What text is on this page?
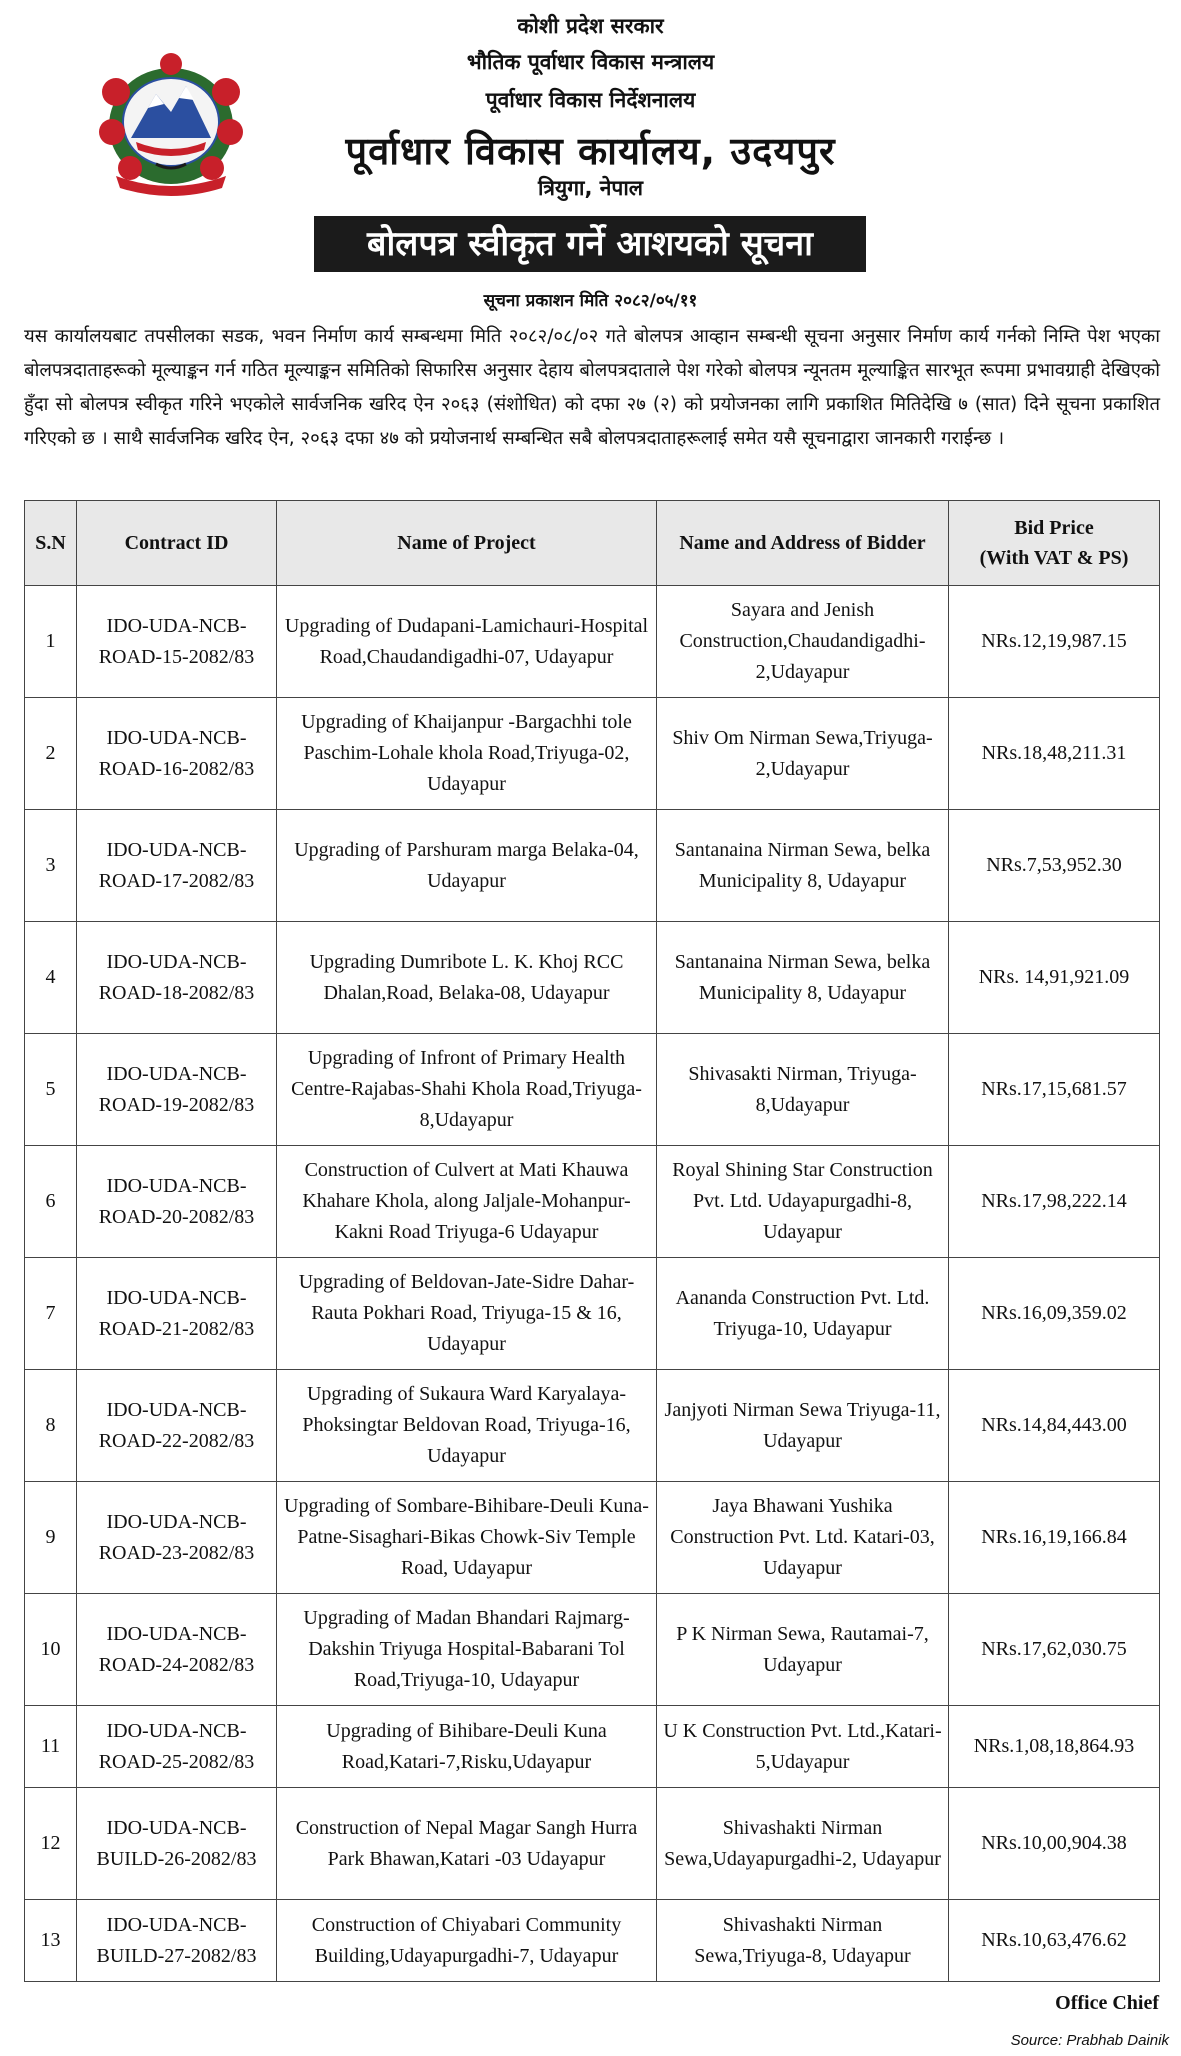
कोशी प्रदेश सरकार
भौतिक पूर्वाधार विकास मन्त्रालय
पूर्वाधार विकास निर्देशनालय
पूर्वाधार विकास कार्यालय, उदयपुर
त्रियुगा, नेपाल
बोलपत्र स्वीकृत गर्ने आशयको सूचना
सूचना प्रकाशन मिति २०८२/०५/११
यस कार्यालयबाट तपसीलका सडक, भवन निर्माण कार्य सम्बन्धमा मिति २०८२/०८/०२ गते बोलपत्र आव्हान सम्बन्धी सूचना अनुसार निर्माण कार्य गर्नको निम्ति पेश भएका बोलपत्रदाताहरूको मूल्याङ्कन गर्न गठित मूल्याङ्कन समितिको सिफारिस अनुसार देहाय बोलपत्रदाताले पेश गरेको बोलपत्र न्यूनतम मूल्याङ्कित सारभूत रूपमा प्रभावग्राही देखिएको हुँदा सो बोलपत्र स्वीकृत गरिने भएकोले सार्वजनिक खरिद ऐन २०६३ (संशोधित) को दफा २७ (२) को प्रयोजनका लागि प्रकाशित मितिदेखि ७ (सात) दिने सूचना प्रकाशित गरिएको छ । साथै सार्वजनिक खरिद ऐन, २०६३ दफा ४७ को प्रयोजनार्थ सम्बन्धित सबै बोलपत्रदाताहरूलाई समेत यसै सूचनाद्वारा जानकारी गराईन्छ ।
S.N	Contract ID	Name of Project	Name and Address of Bidder	Bid Price
(With VAT & PS)
1	IDO-UDA-NCB-
ROAD-15-2082/83	Upgrading of Dudapani-Lamichauri-Hospital Road,Chaudandigadhi-07, Udayapur	Sayara and Jenish Construction,Chaudandigadhi-2,Udayapur	NRs.12,19,987.15
2	IDO-UDA-NCB-
ROAD-16-2082/83	Upgrading of Khaijanpur -Bargachhi tole Paschim-Lohale khola Road,Triyuga-02, Udayapur	Shiv Om Nirman Sewa,Triyuga-2,Udayapur	NRs.18,48,211.31
3	IDO-UDA-NCB-
ROAD-17-2082/83	Upgrading of Parshuram marga Belaka-04, Udayapur	Santanaina Nirman Sewa, belka Municipality 8, Udayapur	NRs.7,53,952.30
4	IDO-UDA-NCB-
ROAD-18-2082/83	Upgrading Dumribote L. K. Khoj RCC Dhalan,Road, Belaka-08, Udayapur	Santanaina Nirman Sewa, belka Municipality 8, Udayapur	NRs. 14,91,921.09
5	IDO-UDA-NCB-
ROAD-19-2082/83	Upgrading of Infront of Primary Health Centre-Rajabas-Shahi Khola Road,Triyuga-8,Udayapur	Shivasakti Nirman, Triyuga-8,Udayapur	NRs.17,15,681.57
6	IDO-UDA-NCB-
ROAD-20-2082/83	Construction of Culvert at Mati Khauwa Khahare Khola, along Jaljale-Mohanpur-Kakni Road Triyuga-6 Udayapur	Royal Shining Star Construction Pvt. Ltd. Udayapurgadhi-8, Udayapur	NRs.17,98,222.14
7	IDO-UDA-NCB-
ROAD-21-2082/83	Upgrading of Beldovan-Jate-Sidre Dahar-Rauta Pokhari Road, Triyuga-15 & 16, Udayapur	Aananda Construction Pvt. Ltd. Triyuga-10, Udayapur	NRs.16,09,359.02
8	IDO-UDA-NCB-
ROAD-22-2082/83	Upgrading of Sukaura Ward Karyalaya-Phoksingtar Beldovan Road, Triyuga-16, Udayapur	Janjyoti Nirman Sewa Triyuga-11, Udayapur	NRs.14,84,443.00
9	IDO-UDA-NCB-
ROAD-23-2082/83	Upgrading of Sombare-Bihibare-Deuli Kuna-Patne-Sisaghari-Bikas Chowk-Siv Temple Road, Udayapur	Jaya Bhawani Yushika Construction Pvt. Ltd. Katari-03, Udayapur	NRs.16,19,166.84
10	IDO-UDA-NCB-
ROAD-24-2082/83	Upgrading of Madan Bhandari Rajmarg-Dakshin Triyuga Hospital-Babarani Tol Road,Triyuga-10, Udayapur	P K Nirman Sewa, Rautamai-7, Udayapur	NRs.17,62,030.75
11	IDO-UDA-NCB-
ROAD-25-2082/83	Upgrading of Bihibare-Deuli Kuna Road,Katari-7,Risku,Udayapur	U K Construction Pvt. Ltd.,Katari-5,Udayapur	NRs.1,08,18,864.93
12	IDO-UDA-NCB-
BUILD-26-2082/83	Construction of Nepal Magar Sangh Hurra Park Bhawan,Katari -03 Udayapur	Shivashakti Nirman Sewa,Udayapurgadhi-2, Udayapur	NRs.10,00,904.38
13	IDO-UDA-NCB-
BUILD-27-2082/83	Construction of Chiyabari Community Building,Udayapurgadhi-7, Udayapur	Shivashakti Nirman Sewa,Triyuga-8, Udayapur	NRs.10,63,476.62
Office Chief
Source: Prabhab Dainik
